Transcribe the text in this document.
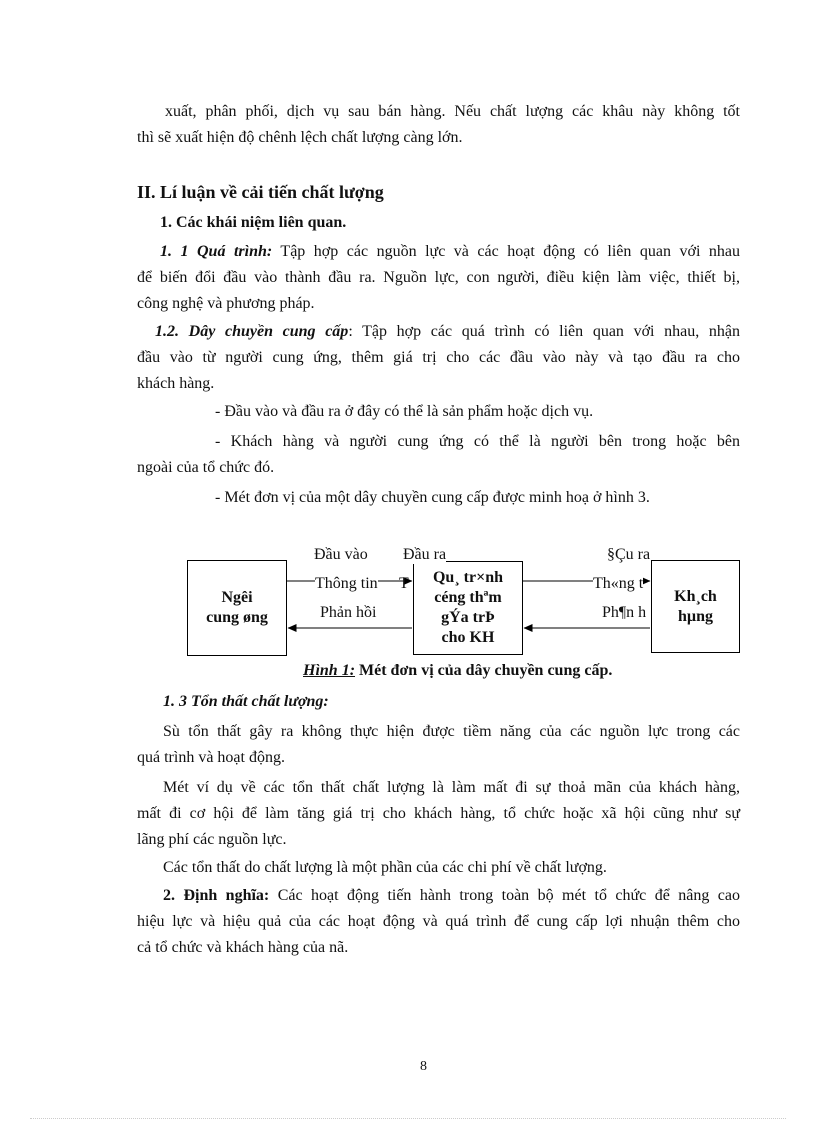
xuất, phân phối, dịch vụ sau bán hàng. Nếu chất lượng các khâu này không tốt
thì sẽ xuất hiện độ chênh lệch chất lượng càng lớn.
II. Lí luận về cải tiến chất lượng
1. Các khái niệm liên quan.
1. 1 Quá trình: Tập hợp các nguồn lực và các hoạt động có liên quan với nhau
để biến đổi đầu vào thành đầu ra. Nguồn lực, con người, điều kiện làm việc, thiết bị,
công nghệ và phương pháp.
1.2. Dây chuyền cung cấp: Tập hợp các quá trình có liên quan với nhau, nhận
đầu vào từ người cung ứng, thêm giá trị cho các đầu vào này và tạo đầu ra cho
khách hàng.
- Đầu vào và đầu ra ở đây có thể là sản phẩm hoặc dịch vụ.
- Khách hàng và người cung ứng có thể là người bên trong hoặc bên
ngoài của tổ chức đó.
- Mét đơn vị của một dây chuyền cung cấp được minh hoạ ở hình 3.
Ngêi
cung øng
Qu¸ tr×nh
céng thªm
gÝa trÞ
cho KH
Kh¸ch
hµng
Đầu vào Đầu ra
Thông tin T
Phản hồi
§Çu ra
Th«ng t
Ph¶n h
Hình 1: Mét đơn vị của dây chuyền cung cấp.
1. 3 Tổn thất chất lượng:
Sù tổn thất gây ra không thực hiện được tiềm năng của các nguồn lực trong các
quá trình và hoạt động.
Mét ví dụ về các tổn thất chất lượng là làm mất đi sự thoả mãn của khách hàng,
mất đi cơ hội để làm tăng giá trị cho khách hàng, tổ chức hoặc xã hội cũng như sự
lãng phí các nguồn lực.
Các tổn thất do chất lượng là một phần của các chi phí về chất lượng.
2. Định nghĩa: Các hoạt động tiến hành trong toàn bộ mét tổ chức để nâng cao
hiệu lực và hiệu quả của các hoạt động và quá trình để cung cấp lợi nhuận thêm cho
cả tổ chức và khách hàng của nã.
8
